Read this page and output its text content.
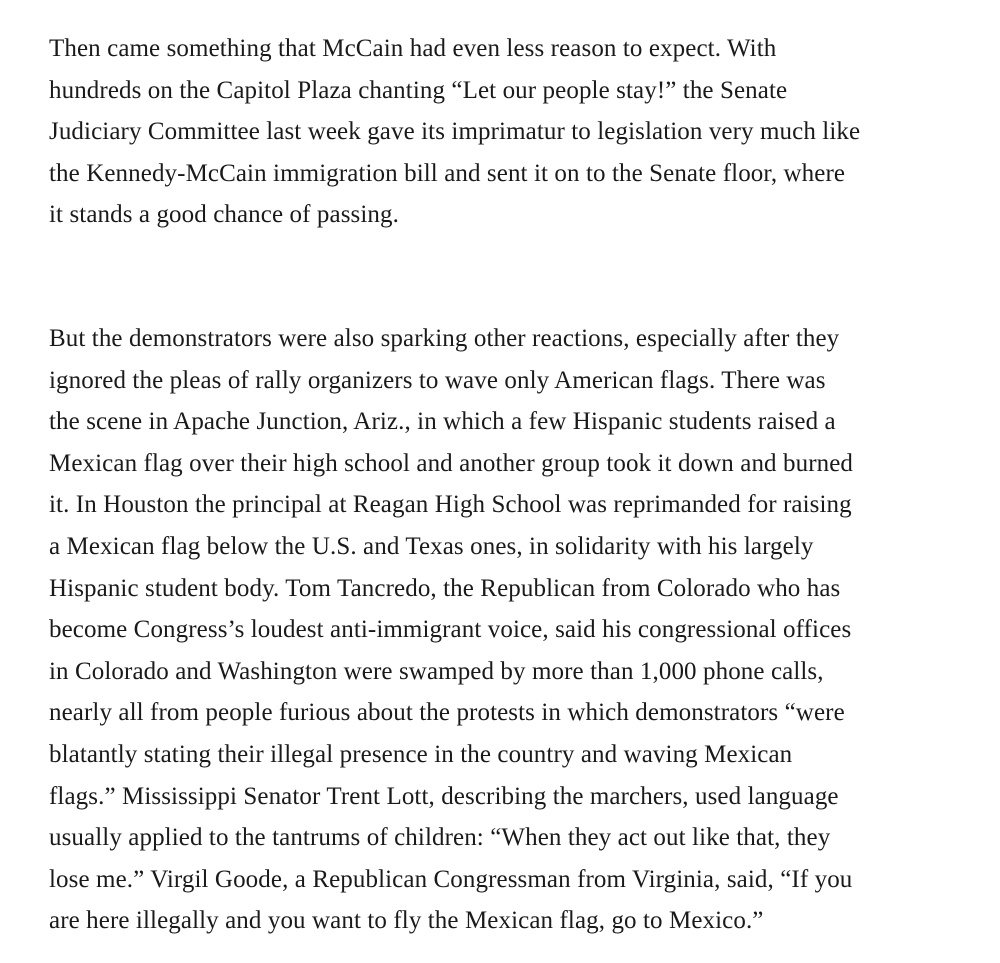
Then came something that McCain had even less reason to expect. With
hundreds on the Capitol Plaza chanting “Let our people stay!” the Senate
Judiciary Committee last week gave its imprimatur to legislation very much like
the Kennedy-McCain immigration bill and sent it on to the Senate floor, where
it stands a good chance of passing.

But the demonstrators were also sparking other reactions, especially after they
ignored the pleas of rally organizers to wave only American flags. There was
the scene in Apache Junction, Ariz., in which a few Hispanic students raised a
Mexican flag over their high school and another group took it down and burned
it. In Houston the principal at Reagan High School was reprimanded for raising
a Mexican flag below the U.S. and Texas ones, in solidarity with his largely
Hispanic student body. Tom Tancredo, the Republican from Colorado who has
become Congress’s loudest anti-immigrant voice, said his congressional offices
in Colorado and Washington were swamped by more than 1,000 phone calls,
nearly all from people furious about the protests in which demonstrators “were
blatantly stating their illegal presence in the country and waving Mexican
flags.” Mississippi Senator Trent Lott, describing the marchers, used language
usually applied to the tantrums of children: “When they act out like that, they
lose me.” Virgil Goode, a Republican Congressman from Virginia, said, “If you
are here illegally and you want to fly the Mexican flag, go to Mexico.”
